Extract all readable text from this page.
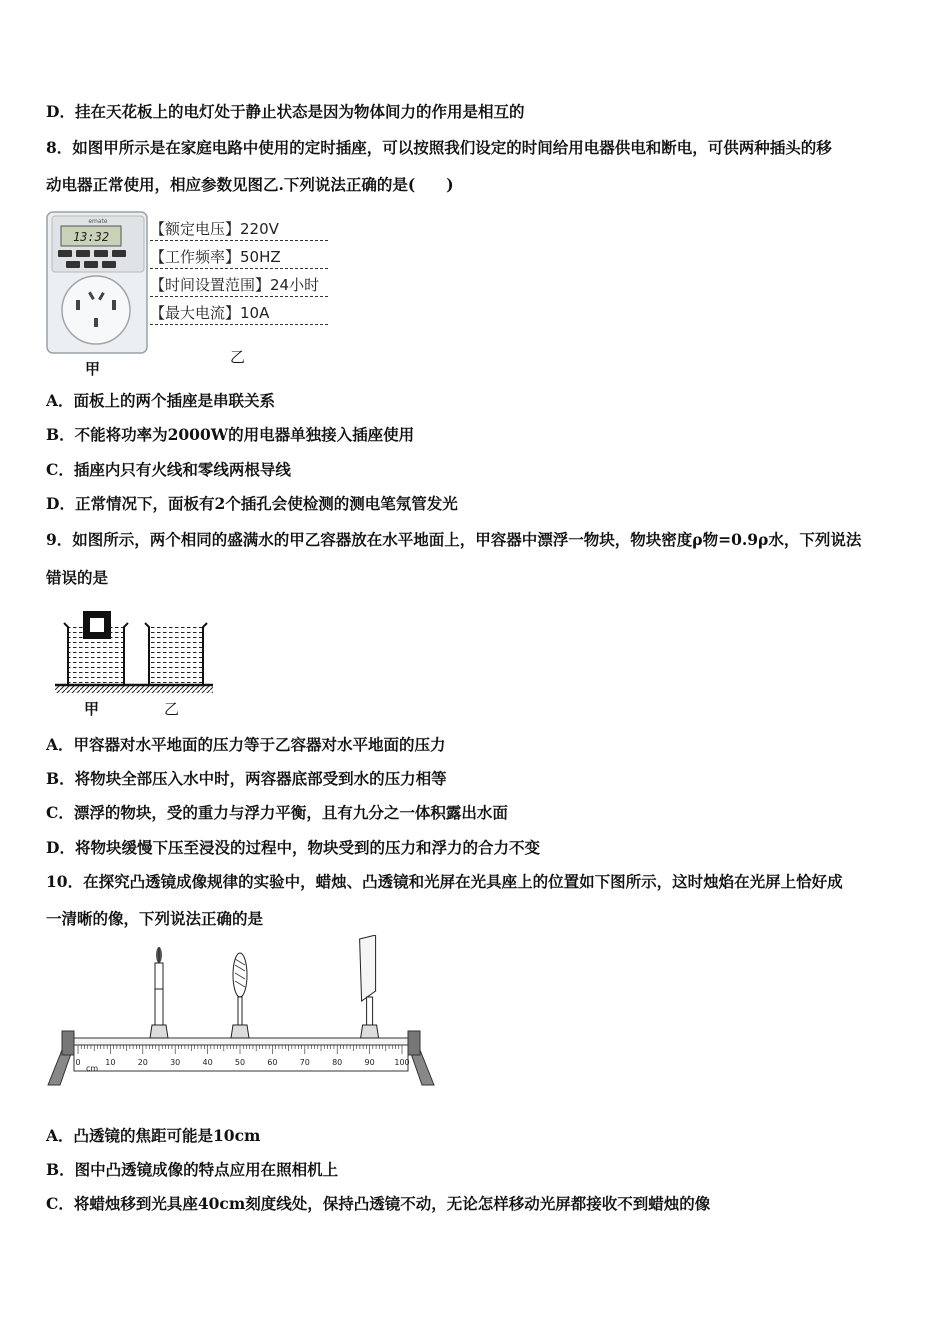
D．挂在天花板上的电灯处于静止状态是因为物体间力的作用是相互的
8．如图甲所示是在家庭电路中使用的定时插座，可以按照我们设定的时间给用电器供电和断电，可供两种插头的移
动电器正常使用，相应参数见图乙.下列说法正确的是(　　)
emate
13:32
甲
【额定电压】220V
【工作频率】50HZ
【时间设置范围】24小时
【最大电流】10A
乙
A．面板上的两个插座是串联关系
B．不能将功率为2000W的用电器单独接入插座使用
C．插座内只有火线和零线两根导线
D．正常情况下，面板有2个插孔会使检测的测电笔氖管发光
9．如图所示，两个相同的盛满水的甲乙容器放在水平地面上，甲容器中漂浮一物块，物块密度ρ物=0.9ρ水，下列说法
错误的是
甲	乙
A．甲容器对水平地面的压力等于乙容器对水平地面的压力
B．将物块全部压入水中时，两容器底部受到水的压力相等
C．漂浮的物块，受的重力与浮力平衡，且有九分之一体积露出水面
D．将物块缓慢下压至浸没的过程中，物块受到的压力和浮力的合力不变
10．在探究凸透镜成像规律的实验中，蜡烛、凸透镜和光屏在光具座上的位置如下图所示，这时烛焰在光屏上恰好成
一清晰的像，下列说法正确的是
0	10	20	30	40	50	60	70	80	90 100
cm
A．凸透镜的焦距可能是10cm
B．图中凸透镜成像的特点应用在照相机上
C．将蜡烛移到光具座40cm刻度线处，保持凸透镜不动，无论怎样移动光屏都接收不到蜡烛的像
